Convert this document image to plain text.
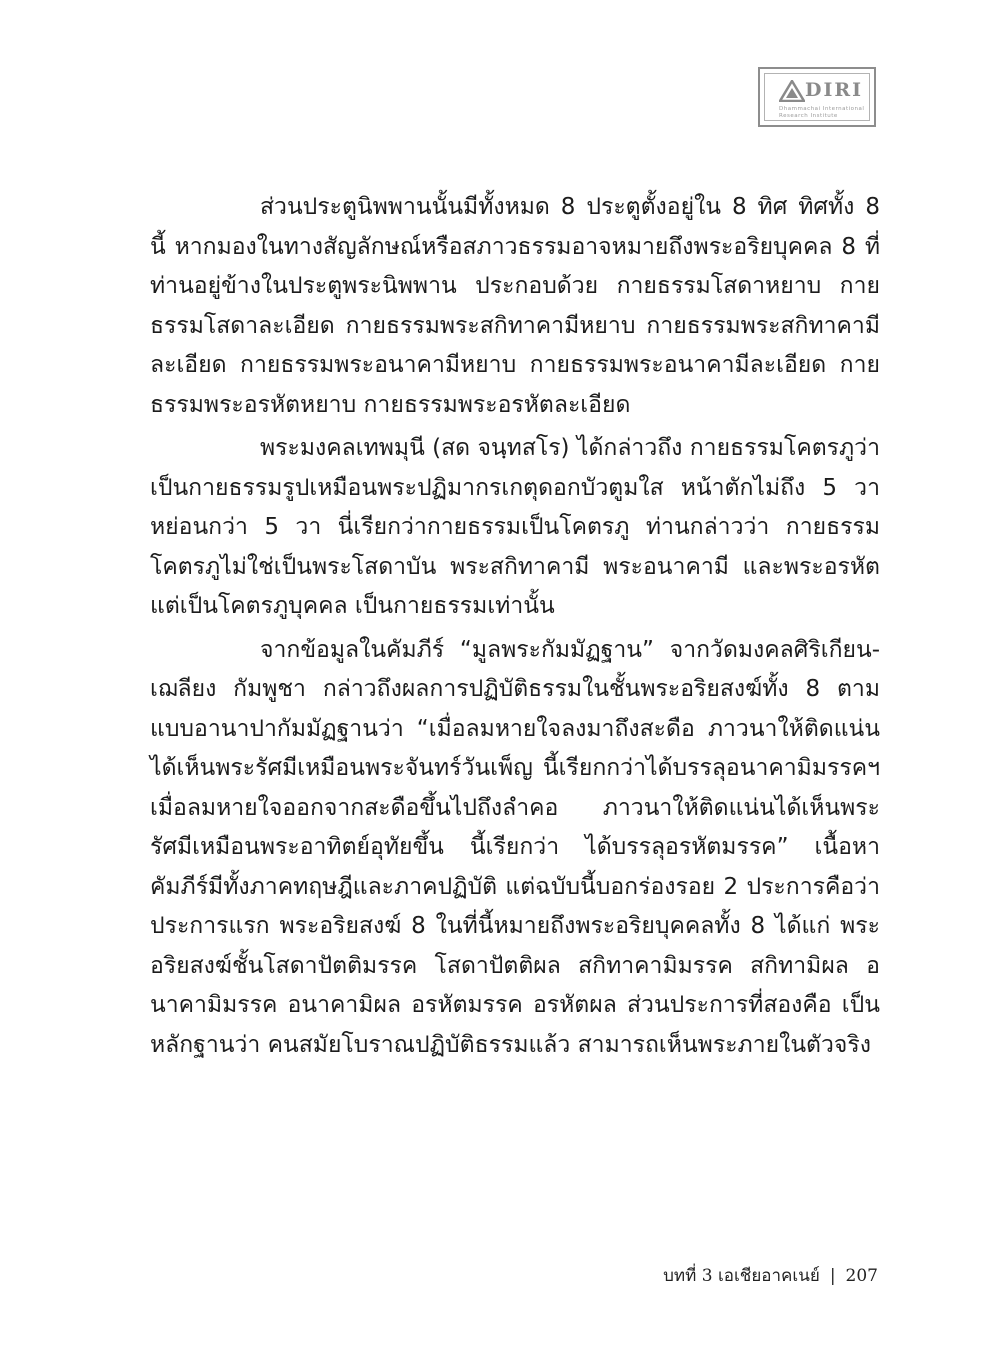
DIRI
Dhammachai International
Research Institute

ส่วนประตูนิพพานนั้นมีทั้งหมด 8 ประตูตั้งอยู่ใน 8 ทิศ ทิศทั้ง 8 นี้ หากมองในทางสัญลักษณ์หรือสภาวธรรมอาจหมายถึงพระอริยบุคคล 8 ที่ท่านอยู่ข้างในประตูพระนิพพาน ประกอบด้วย กายธรรมโสดาหยาบ กายธรรมโสดาละเอียด กายธรรมพระสกิทาคามีหยาบ กายธรรมพระสกิทาคามีละเอียด กายธรรมพระอนาคามีหยาบ กายธรรมพระอนาคามีละเอียด กายธรรมพระอรหัตหยาบ กายธรรมพระอรหัตละเอียด

พระมงคลเทพมุนี (สด จนฺทสโร) ได้กล่าวถึง กายธรรมโคตรภูว่าเป็นกายธรรมรูปเหมือนพระปฏิมากรเกตุดอกบัวตูมใส หน้าตักไม่ถึง 5 วา หย่อนกว่า 5 วา นี่เรียกว่ากายธรรมเป็นโคตรภู ท่านกล่าวว่า กายธรรมโคตรภูไม่ใช่เป็นพระโสดาบัน พระสกิทาคามี พระอนาคามี และพระอรหัต แต่เป็นโคตรภูบุคคล เป็นกายธรรมเท่านั้น

จากข้อมูลในคัมภีร์ “มูลพระกัมมัฏฐาน” จากวัดมงคลศิริเกียน-เฌลียง กัมพูชา กล่าวถึงผลการปฏิบัติธรรมในชั้นพระอริยสงฆ์ทั้ง 8 ตามแบบอานาปากัมมัฏฐานว่า “เมื่อลมหายใจลงมาถึงสะดือ ภาวนาให้ติดแน่นได้เห็นพระรัศมีเหมือนพระจันทร์วันเพ็ญ นี้เรียกกว่าได้บรรลุอนาคามิมรรคฯ เมื่อลมหายใจออกจากสะดือขึ้นไปถึงลำคอ ภาวนาให้ติดแน่นได้เห็นพระรัศมีเหมือนพระอาทิตย์อุทัยขึ้น นี้เรียกว่า ได้บรรลุอรหัตมรรค” เนื้อหาคัมภีร์มีทั้งภาคทฤษฎีและภาคปฏิบัติ แต่ฉบับนี้บอกร่องรอย 2 ประการคือว่า ประการแรก พระอริยสงฆ์ 8 ในที่นี้หมายถึงพระอริยบุคคลทั้ง 8 ได้แก่ พระอริยสงฆ์ชั้นโสดาปัตติมรรค โสดาปัตติผล สกิทาคามิมรรค สกิทามิผล อนาคามิมรรค อนาคามิผล อรหัตมรรค อรหัตผล ส่วนประการที่สองคือ เป็นหลักฐานว่า คนสมัยโบราณปฏิบัติธรรมแล้ว สามารถเห็นพระภายในตัวจริง

บทที่ 3 เอเชียอาคเนย์ | 207
